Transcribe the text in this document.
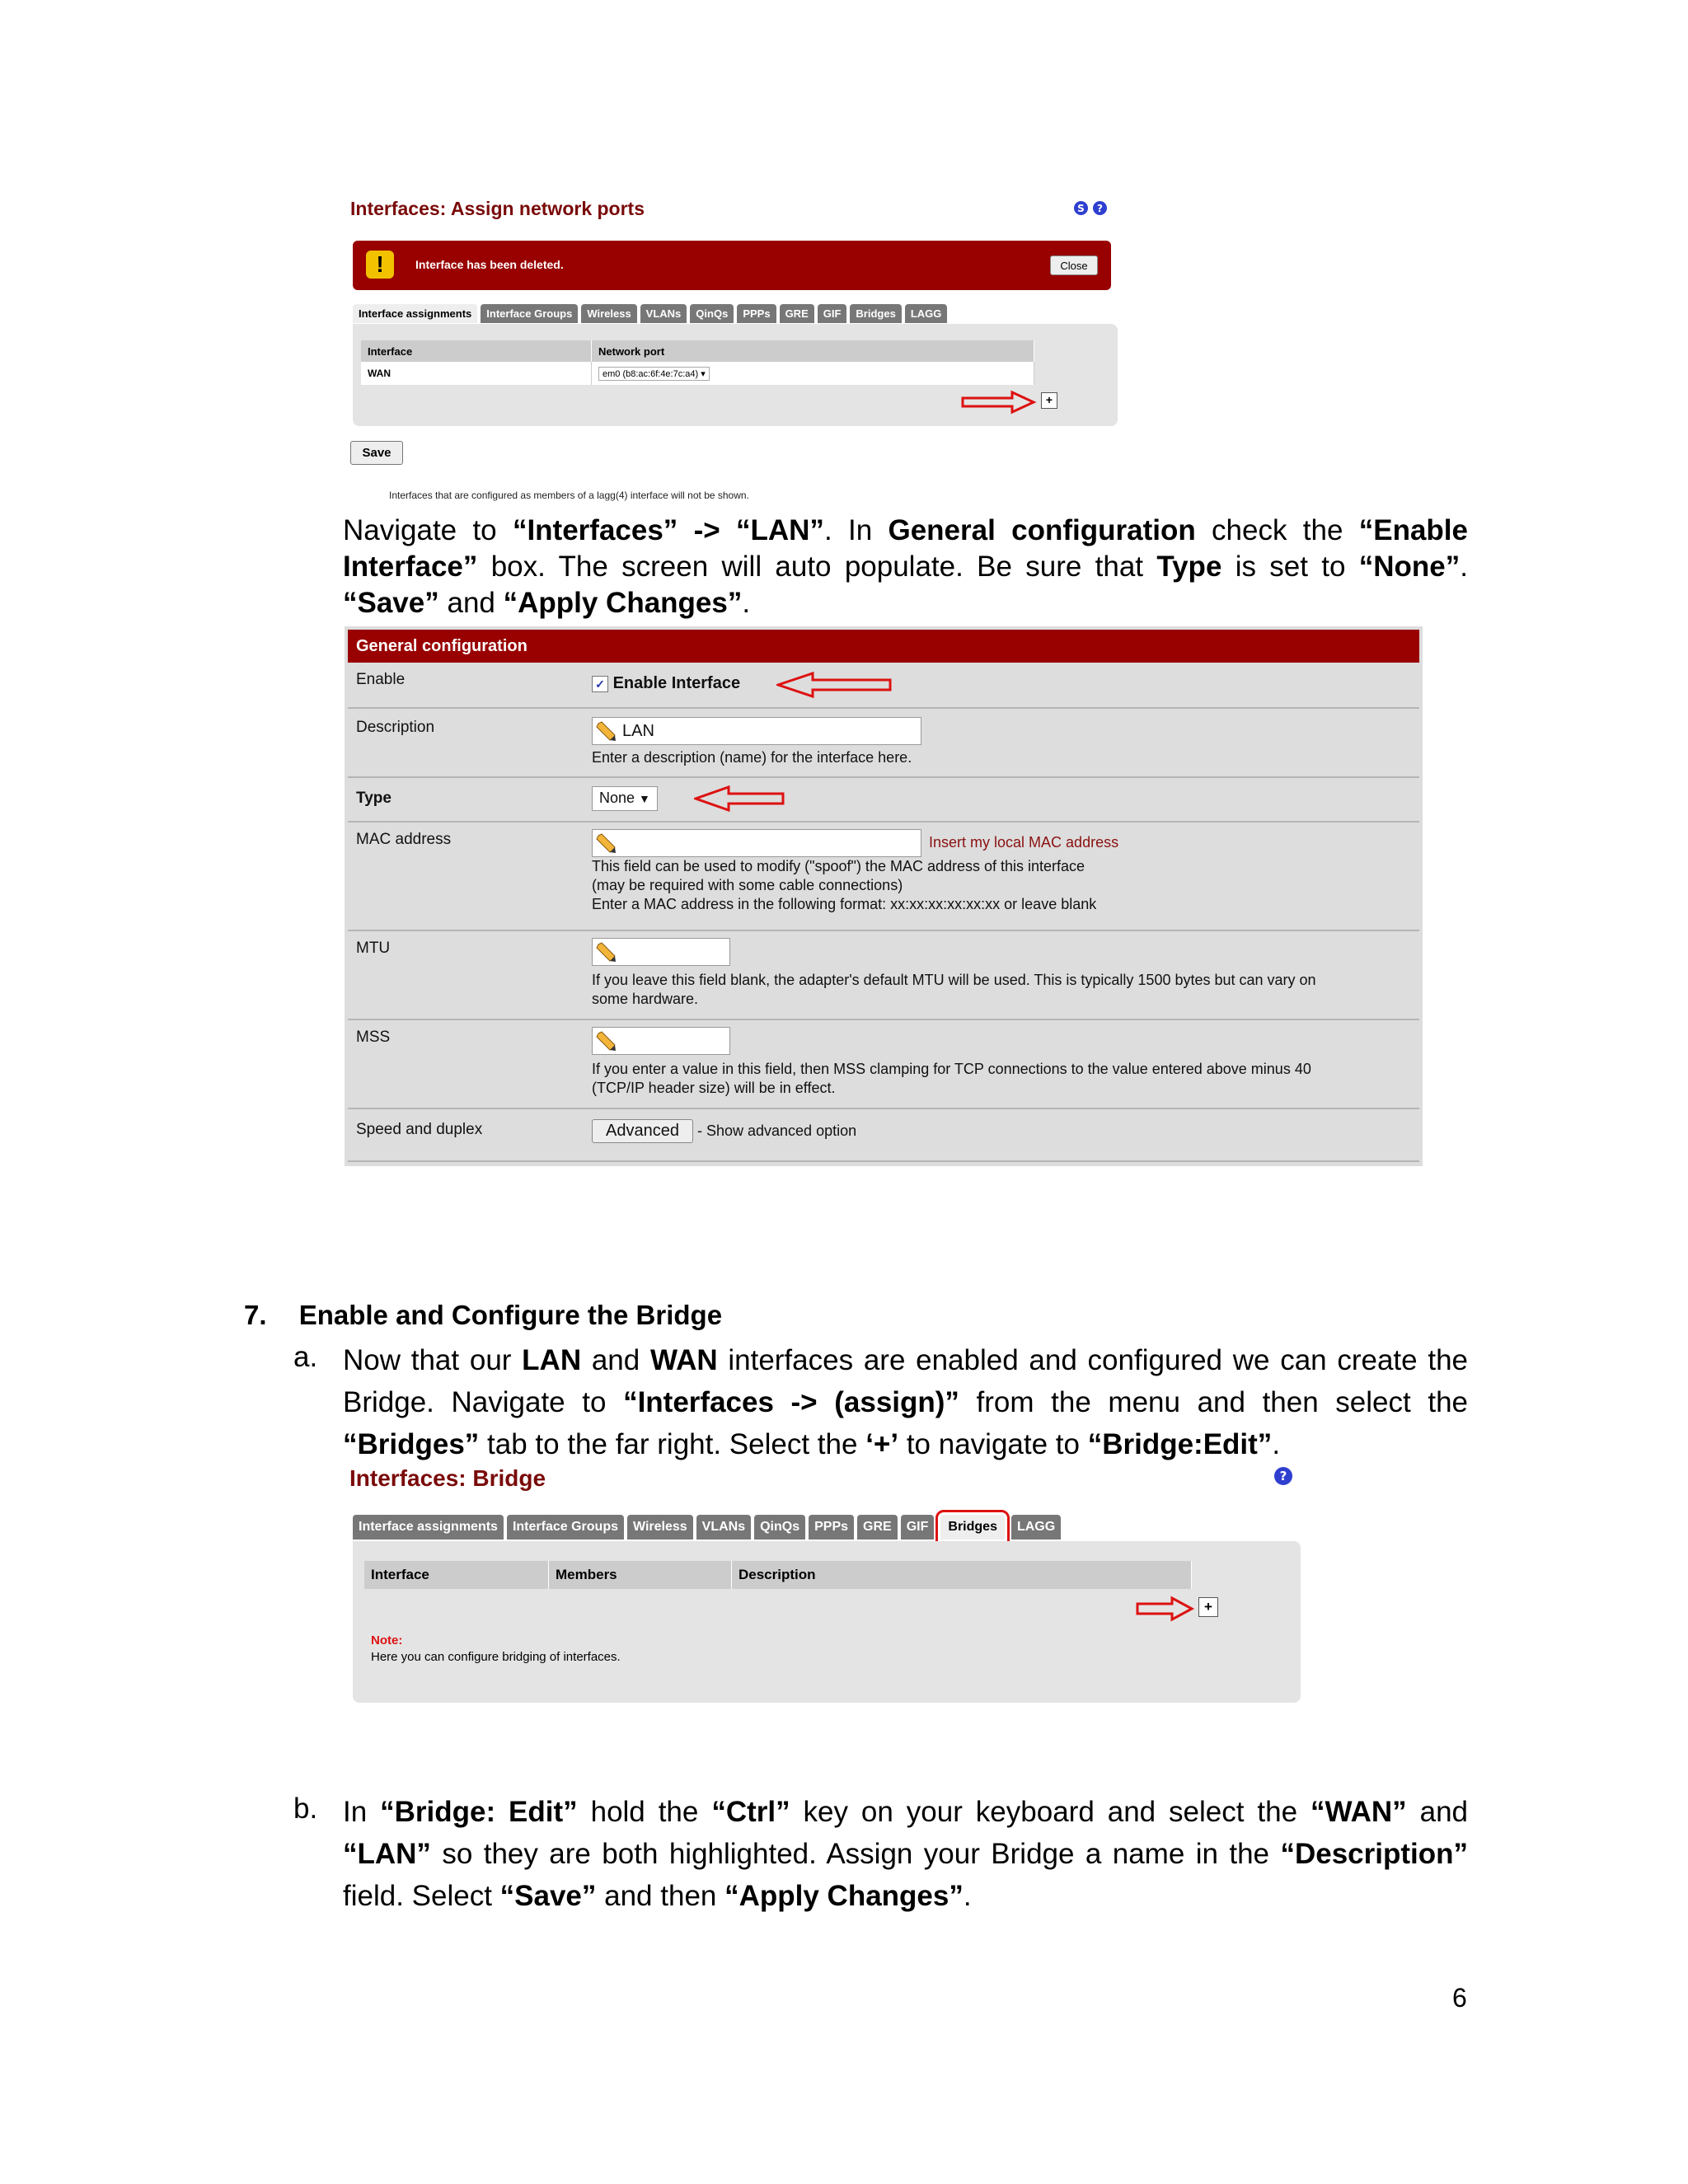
Interfaces: Assign network ports	S	?
!	Interface has been deleted.	Close
Interface assignments	Interface Groups	Wireless	VLANs	QinQs	PPPs	GRE	GIF	Bridges	LAGG
Interface	Network port
WAN	em0 (b8:ac:6f:4e:7c:a4) ▾
+
Save
Interfaces that are configured as members of a lagg(4) interface will not be shown.
Navigate to “Interfaces” -> “LAN”. In General configuration check the “Enable Interface” box. The screen will auto populate. Be sure that Type is set to “None”. “Save” and “Apply Changes”.
General configuration
Enable	✓ Enable Interface
Description	LAN
Enter a description (name) for the interface here.
Type	None ▼
MAC address	Insert my local MAC address
This field can be used to modify ("spoof") the MAC address of this interface
(may be required with some cable connections)
Enter a MAC address in the following format: xx:xx:xx:xx:xx:xx or leave blank
MTU
If you leave this field blank, the adapter's default MTU will be used. This is typically 1500 bytes but can vary on
some hardware.
MSS
If you enter a value in this field, then MSS clamping for TCP connections to the value entered above minus 40
(TCP/IP header size) will be in effect.
Speed and duplex	Advanced - Show advanced option
7. Enable and Configure the Bridge
a. Now that our LAN and WAN interfaces are enabled and configured we can create the Bridge. Navigate to “Interfaces -> (assign)” from the menu and then select the “Bridges” tab to the far right. Select the ‘+’ to navigate to “Bridge:Edit”.
Interfaces: Bridge	?
Interface assignments	Interface Groups	Wireless	VLANs	QinQs	PPPs	GRE	GIF	Bridges	LAGG
Interface	Members	Description
+
Note:
Here you can configure bridging of interfaces.
b. In “Bridge: Edit” hold the “Ctrl” key on your keyboard and select the “WAN” and “LAN” so they are both highlighted. Assign your Bridge a name in the “Description” field. Select “Save” and then “Apply Changes”.
6
